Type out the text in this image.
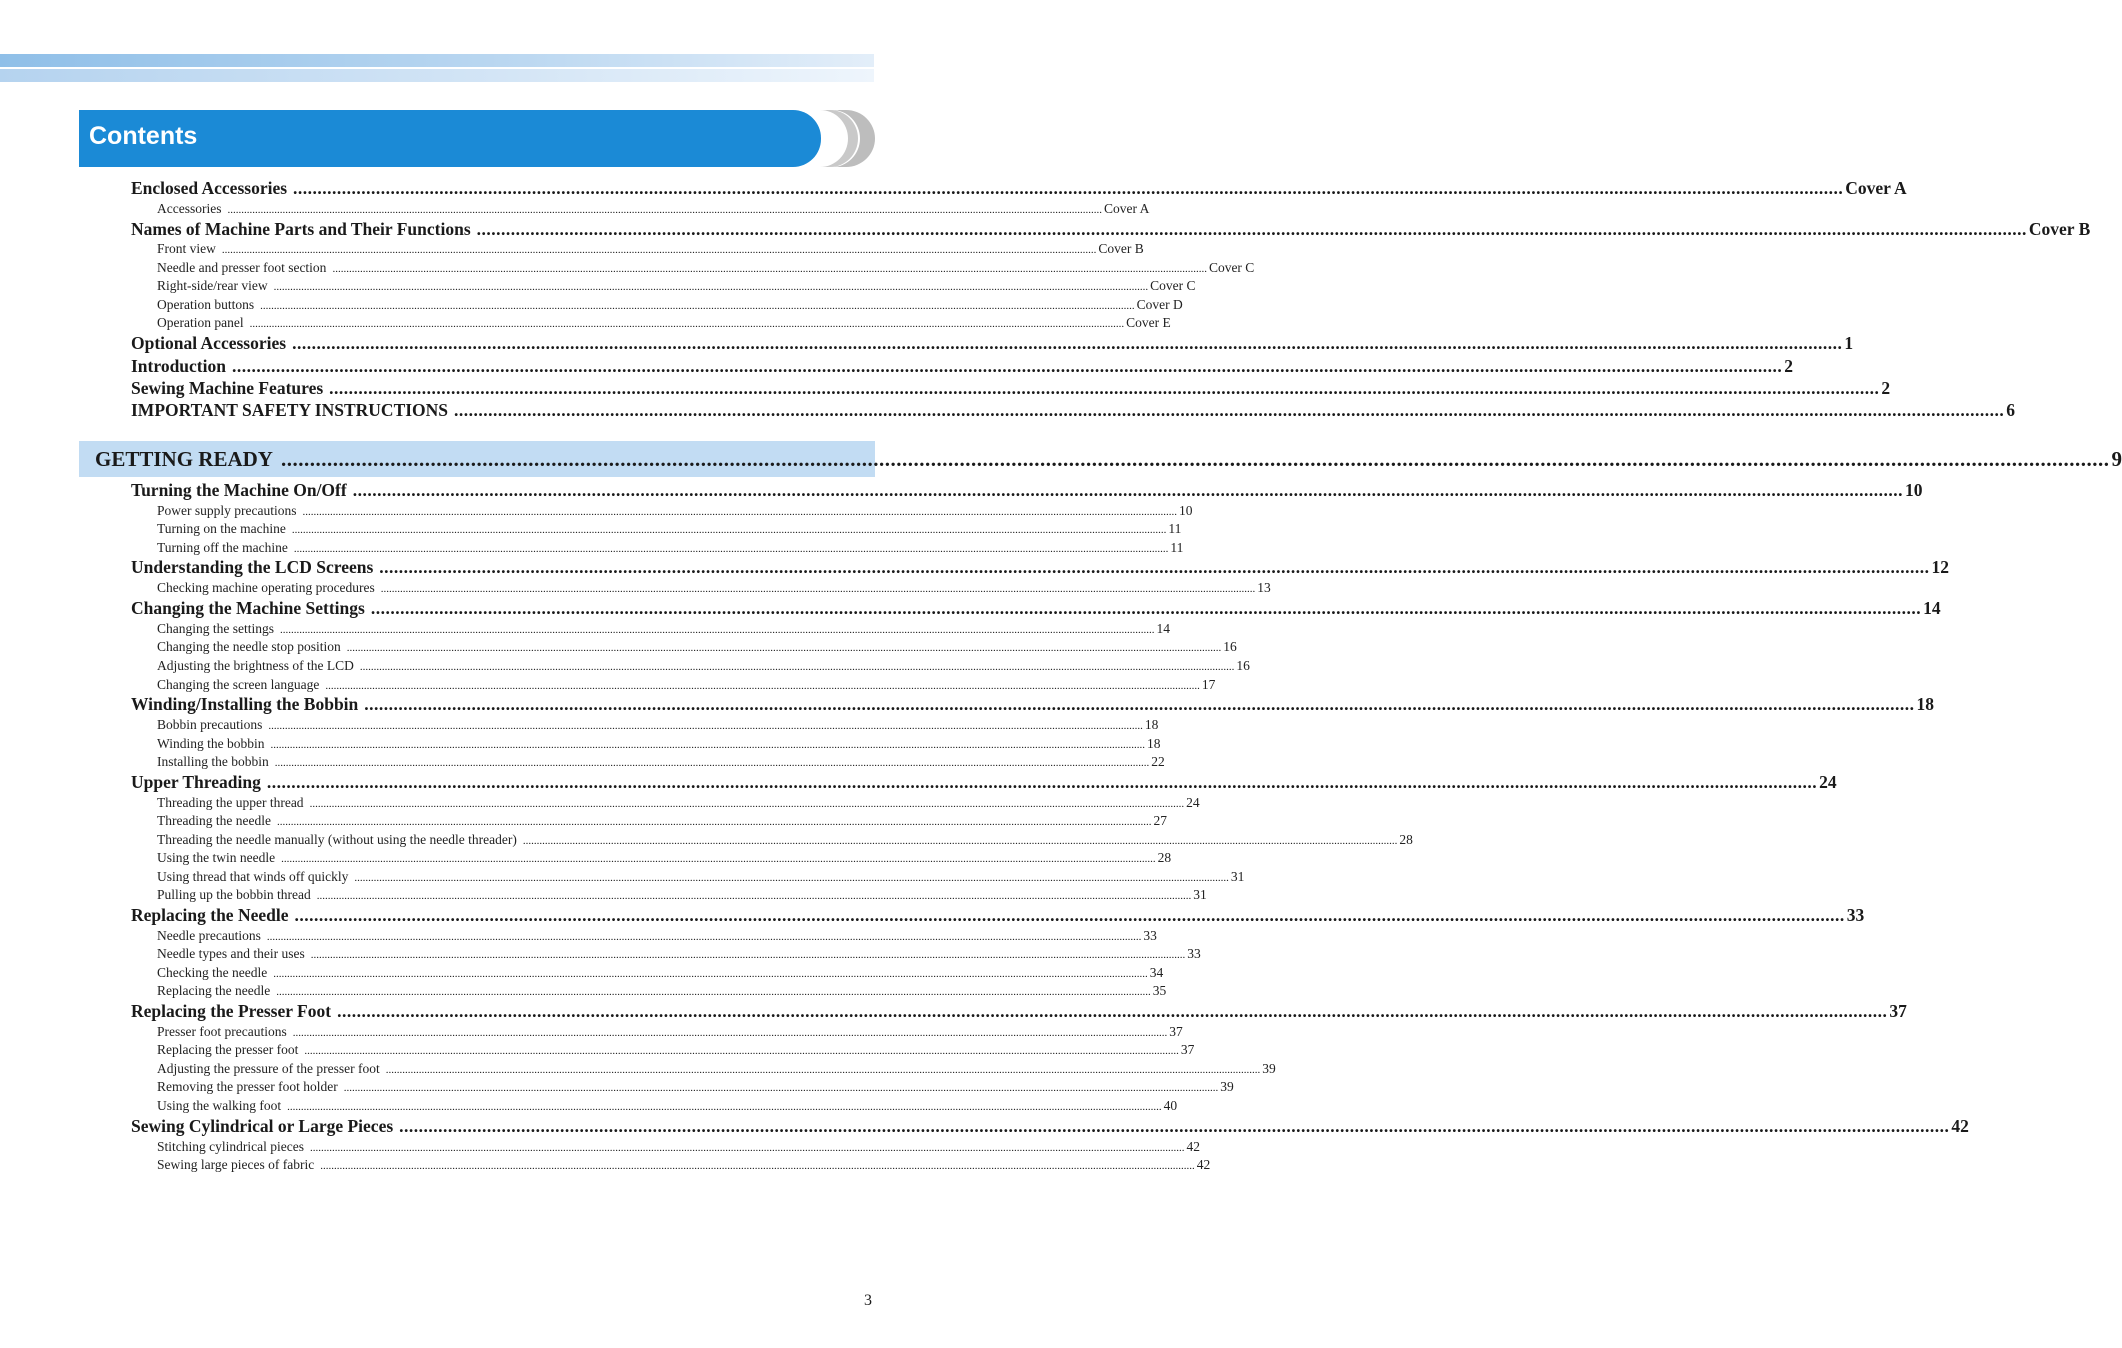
Contents
Enclosed Accessories .............................................................................................................................................................................................................................................................................................................................. Cover A
Accessories .............................................................................................................................................................................................................................................................................................................................. Cover A
Names of Machine Parts and Their Functions .............................................................................................................................................................................................................................................................................................................................. Cover B
Front view .............................................................................................................................................................................................................................................................................................................................. Cover B
Needle and presser foot section .............................................................................................................................................................................................................................................................................................................................. Cover C
Right-side/rear view .............................................................................................................................................................................................................................................................................................................................. Cover C
Operation buttons .............................................................................................................................................................................................................................................................................................................................. Cover D
Operation panel .............................................................................................................................................................................................................................................................................................................................. Cover E
Optional Accessories .............................................................................................................................................................................................................................................................................................................................. 1
Introduction .............................................................................................................................................................................................................................................................................................................................. 2
Sewing Machine Features .............................................................................................................................................................................................................................................................................................................................. 2
IMPORTANT SAFETY INSTRUCTIONS .............................................................................................................................................................................................................................................................................................................................. 6
GETTING READY .............................................................................................................................................................................................................................................................................................................................. 9
Turning the Machine On/Off .............................................................................................................................................................................................................................................................................................................................. 10
Power supply precautions .............................................................................................................................................................................................................................................................................................................................. 10
Turning on the machine .............................................................................................................................................................................................................................................................................................................................. 11
Turning off the machine .............................................................................................................................................................................................................................................................................................................................. 11
Understanding the LCD Screens .............................................................................................................................................................................................................................................................................................................................. 12
Checking machine operating procedures .............................................................................................................................................................................................................................................................................................................................. 13
Changing the Machine Settings .............................................................................................................................................................................................................................................................................................................................. 14
Changing the settings .............................................................................................................................................................................................................................................................................................................................. 14
Changing the needle stop position .............................................................................................................................................................................................................................................................................................................................. 16
Adjusting the brightness of the LCD .............................................................................................................................................................................................................................................................................................................................. 16
Changing the screen language .............................................................................................................................................................................................................................................................................................................................. 17
Winding/Installing the Bobbin .............................................................................................................................................................................................................................................................................................................................. 18
Bobbin precautions .............................................................................................................................................................................................................................................................................................................................. 18
Winding the bobbin .............................................................................................................................................................................................................................................................................................................................. 18
Installing the bobbin .............................................................................................................................................................................................................................................................................................................................. 22
Upper Threading .............................................................................................................................................................................................................................................................................................................................. 24
Threading the upper thread .............................................................................................................................................................................................................................................................................................................................. 24
Threading the needle .............................................................................................................................................................................................................................................................................................................................. 27
Threading the needle manually (without using the needle threader) .............................................................................................................................................................................................................................................................................................................................. 28
Using the twin needle .............................................................................................................................................................................................................................................................................................................................. 28
Using thread that winds off quickly .............................................................................................................................................................................................................................................................................................................................. 31
Pulling up the bobbin thread .............................................................................................................................................................................................................................................................................................................................. 31
Replacing the Needle .............................................................................................................................................................................................................................................................................................................................. 33
Needle precautions .............................................................................................................................................................................................................................................................................................................................. 33
Needle types and their uses .............................................................................................................................................................................................................................................................................................................................. 33
Checking the needle .............................................................................................................................................................................................................................................................................................................................. 34
Replacing the needle .............................................................................................................................................................................................................................................................................................................................. 35
Replacing the Presser Foot .............................................................................................................................................................................................................................................................................................................................. 37
Presser foot precautions .............................................................................................................................................................................................................................................................................................................................. 37
Replacing the presser foot .............................................................................................................................................................................................................................................................................................................................. 37
Adjusting the pressure of the presser foot .............................................................................................................................................................................................................................................................................................................................. 39
Removing the presser foot holder .............................................................................................................................................................................................................................................................................................................................. 39
Using the walking foot .............................................................................................................................................................................................................................................................................................................................. 40
Sewing Cylindrical or Large Pieces .............................................................................................................................................................................................................................................................................................................................. 42
Stitching cylindrical pieces .............................................................................................................................................................................................................................................................................................................................. 42
Sewing large pieces of fabric .............................................................................................................................................................................................................................................................................................................................. 42
3
